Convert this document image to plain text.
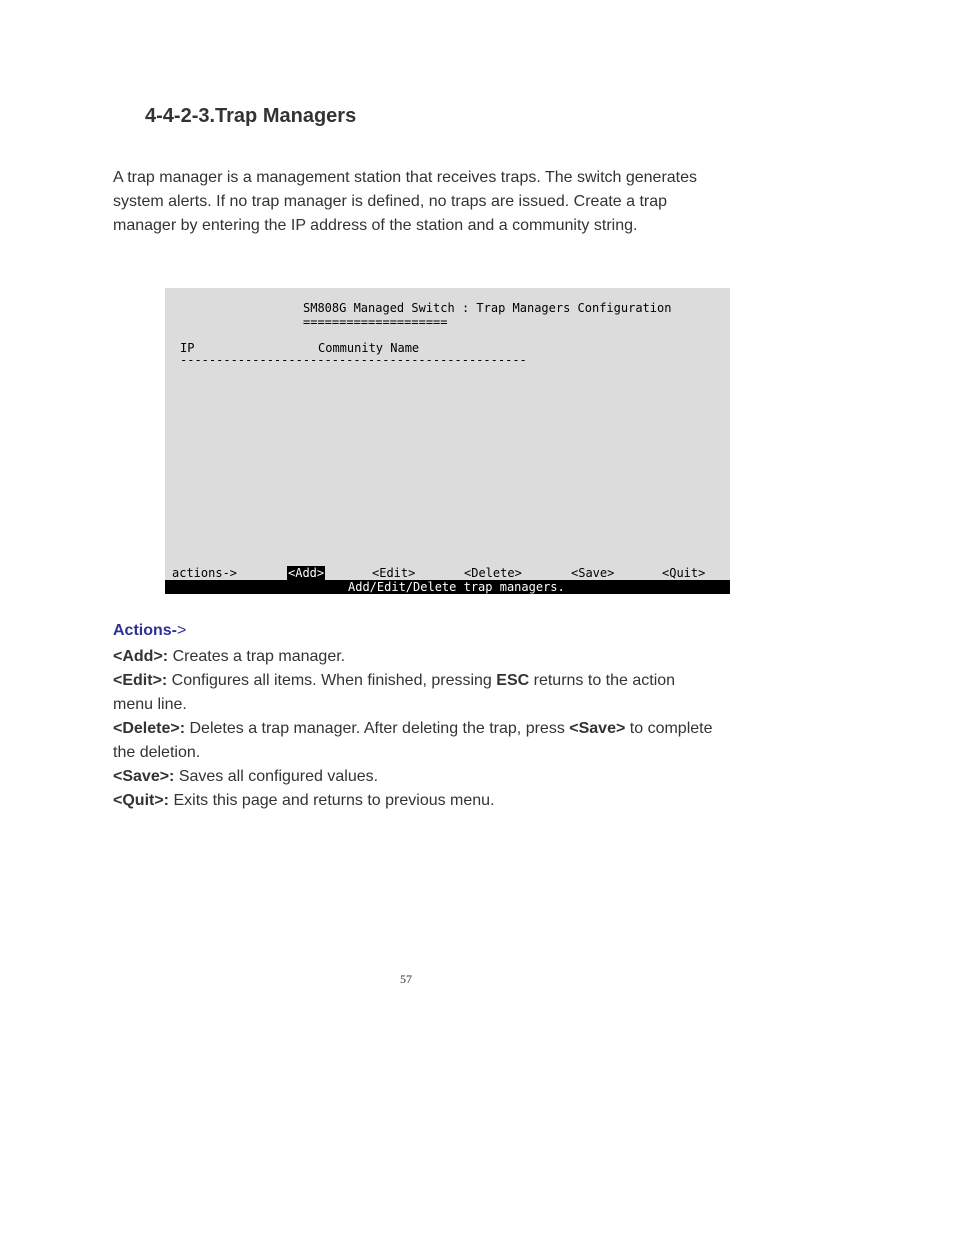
4-4-2-3.Trap Managers

A trap manager is a management station that receives traps. The switch generates system alerts. If no trap manager is defined, no traps are issued. Create a trap manager by entering the IP address of the station and a community string.

SM808G Managed Switch : Trap Managers Configuration
====================
IP	Community Name
------------------------------------------------
actions->	<Add>	<Edit>	<Delete>	<Save>	<Quit>
Add/Edit/Delete trap managers.

Actions->

<Add>: Creates a trap manager.

<Edit>: Configures all items. When finished, pressing ESC returns to the action menu line.

<Delete>: Deletes a trap manager. After deleting the trap, press <Save> to complete the deletion.

<Save>: Saves all configured values.

<Quit>: Exits this page and returns to previous menu.

57
